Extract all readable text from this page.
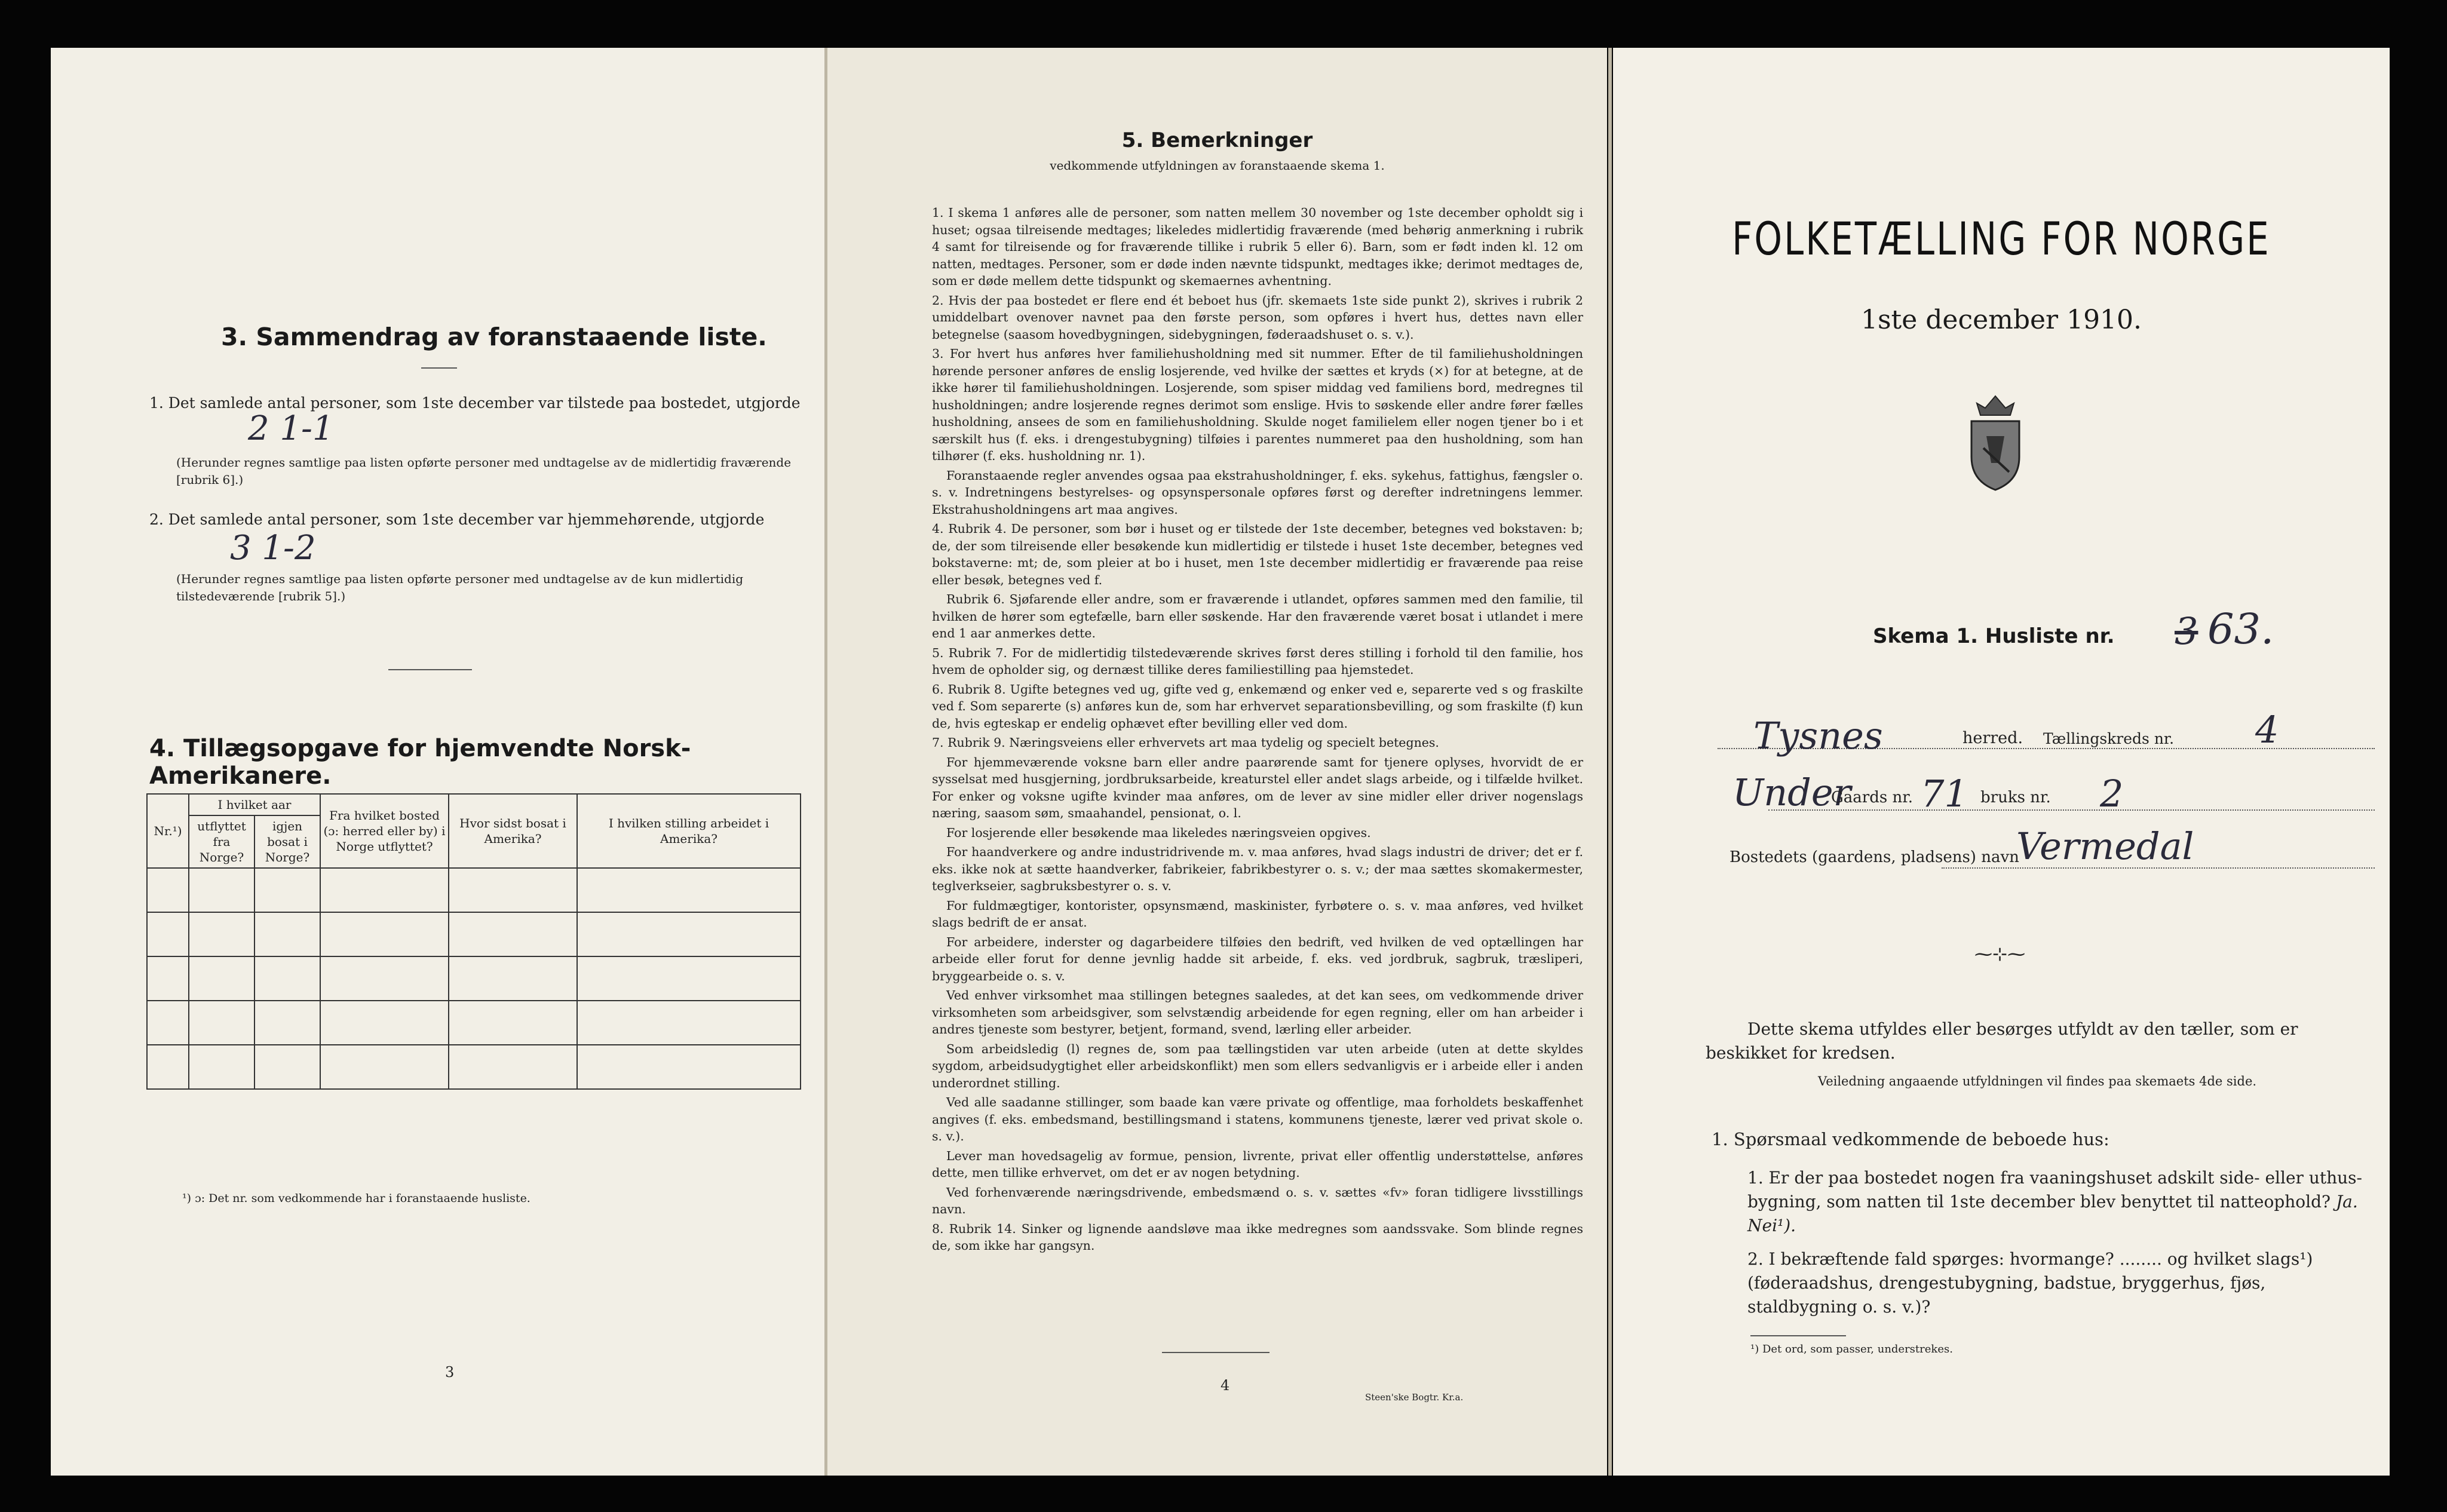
3. Sammendrag av foranstaaende liste.
1. Det samlede antal personer, som 1ste december var tilstede paa bostedet, utgjorde
2 1-1
(Herunder regnes samtlige paa listen opførte personer med undtagelse av de midlertidig fraværende [rubrik 6].)
2. Det samlede antal personer, som 1ste december var hjemmehørende, utgjorde
3 1-2
(Herunder regnes samtlige paa listen opførte personer med undtagelse av de kun midlertidig tilstedeværende [rubrik 5].)
4. Tillægsopgave for hjemvendte Norsk-Amerikanere.
Nr.¹)	I hvilket aar		Fra hvilket bosted (ɔ: herred eller by) i Norge utflyttet?	Hvor sidst bosat i Amerika?	I hvilken stilling arbeidet i Amerika?
	utflyttet fra Norge?	igjen bosat i Norge?			

¹) ɔ: Det nr. som vedkommende har i foranstaaende husliste.
3
5. Bemerkninger
vedkommende utfyldningen av foranstaaende skema 1.

1. I skema 1 anføres alle de personer, som natten mellem 30 november og 1ste december opholdt sig i huset; ogsaa tilreisende medtages; likeledes midlertidig fraværende (med behørig anmerkning i rubrik 4 samt for tilreisende og for fraværende tillike i rubrik 5 eller 6). Barn, som er født inden kl. 12 om natten, medtages. Personer, som er døde inden nævnte tidspunkt, medtages ikke; derimot medtages de, som er døde mellem dette tidspunkt og skemaernes avhentning.

2. Hvis der paa bostedet er flere end ét beboet hus (jfr. skemaets 1ste side punkt 2), skrives i rubrik 2 umiddelbart ovenover navnet paa den første person, som opføres i hvert hus, dettes navn eller betegnelse (saasom hovedbygningen, sidebygningen, føderaadshuset o. s. v.).

3. For hvert hus anføres hver familiehusholdning med sit nummer. Efter de til familiehusholdningen hørende personer anføres de enslig losjerende, ved hvilke der sættes et kryds (×) for at betegne, at de ikke hører til familiehusholdningen. Losjerende, som spiser middag ved familiens bord, medregnes til husholdningen; andre losjerende regnes derimot som enslige. Hvis to søskende eller andre fører fælles husholdning, ansees de som en familiehusholdning. Skulde noget familielem eller nogen tjener bo i et særskilt hus (f. eks. i drengestubygning) tilføies i parentes nummeret paa den husholdning, som han tilhører (f. eks. husholdning nr. 1).

Foranstaaende regler anvendes ogsaa paa ekstrahusholdninger, f. eks. sykehus, fattighus, fængsler o. s. v. Indretningens bestyrelses- og opsynspersonale opføres først og derefter indretningens lemmer. Ekstrahusholdningens art maa angives.

4. Rubrik 4. De personer, som bør i huset og er tilstede der 1ste december, betegnes ved bokstaven: b; de, der som tilreisende eller besøkende kun midlertidig er tilstede i huset 1ste december, betegnes ved bokstaverne: mt; de, som pleier at bo i huset, men 1ste december midlertidig er fraværende paa reise eller besøk, betegnes ved f.

Rubrik 6. Sjøfarende eller andre, som er fraværende i utlandet, opføres sammen med den familie, til hvilken de hører som egtefælle, barn eller søskende. Har den fraværende været bosat i utlandet i mere end 1 aar anmerkes dette.

5. Rubrik 7. For de midlertidig tilstedeværende skrives først deres stilling i forhold til den familie, hos hvem de opholder sig, og dernæst tillike deres familiestilling paa hjemstedet.

6. Rubrik 8. Ugifte betegnes ved ug, gifte ved g, enkemænd og enker ved e, separerte ved s og fraskilte ved f. Som separerte (s) anføres kun de, som har erhvervet separationsbevilling, og som fraskilte (f) kun de, hvis egteskap er endelig ophævet efter bevilling eller ved dom.

7. Rubrik 9. Næringsveiens eller erhvervets art maa tydelig og specielt betegnes.

For hjemmeværende voksne barn eller andre paarørende samt for tjenere oplyses, hvorvidt de er sysselsat med husgjerning, jordbruksarbeide, kreaturstel eller andet slags arbeide, og i tilfælde hvilket. For enker og voksne ugifte kvinder maa anføres, om de lever av sine midler eller driver nogenslags næring, saasom søm, smaahandel, pensionat, o. l.

For losjerende eller besøkende maa likeledes næringsveien opgives.

For haandverkere og andre industridrivende m. v. maa anføres, hvad slags industri de driver; det er f. eks. ikke nok at sætte haandverker, fabrikeier, fabrikbestyrer o. s. v.; der maa sættes skomakermester, teglverkseier, sagbruksbestyrer o. s. v.

For fuldmægtiger, kontorister, opsynsmænd, maskinister, fyrbøtere o. s. v. maa anføres, ved hvilket slags bedrift de er ansat.

For arbeidere, inderster og dagarbeidere tilføies den bedrift, ved hvilken de ved optællingen har arbeide eller forut for denne jevnlig hadde sit arbeide, f. eks. ved jordbruk, sagbruk, træsliperi, bryggearbeide o. s. v.

Ved enhver virksomhet maa stillingen betegnes saaledes, at det kan sees, om vedkommende driver virksomheten som arbeidsgiver, som selvstændig arbeidende for egen regning, eller om han arbeider i andres tjeneste som bestyrer, betjent, formand, svend, lærling eller arbeider.

Som arbeidsledig (l) regnes de, som paa tællingstiden var uten arbeide (uten at dette skyldes sygdom, arbeidsudygtighet eller arbeidskonflikt) men som ellers sedvanligvis er i arbeide eller i anden underordnet stilling.

Ved alle saadanne stillinger, som baade kan være private og offentlige, maa forholdets beskaffenhet angives (f. eks. embedsmand, bestillingsmand i statens, kommunens tjeneste, lærer ved privat skole o. s. v.).

Lever man hovedsagelig av formue, pension, livrente, privat eller offentlig understøttelse, anføres dette, men tillike erhvervet, om det er av nogen betydning.

Ved forhenværende næringsdrivende, embedsmænd o. s. v. sættes «fv» foran tidligere livsstillings navn.

8. Rubrik 14. Sinker og lignende aandsløve maa ikke medregnes som aandssvake. Som blinde regnes de, som ikke har gangsyn.

4
Steen'ske Bogtr. Kr.a.
FOLKETÆLLING FOR NORGE
1ste december 1910.
Skema 1. Husliste nr. 3 63.
Tysnes	herred. Tællingskreds nr. 4
Under
Gaards nr. 71 bruks nr. 2
Bostedets (gaardens, pladsens) navn
Vermedal
⁓⊹⁓
Dette skema utfyldes eller besørges utfyldt av den tæller, som er beskikket for kredsen.
Veiledning angaaende utfyldningen vil findes paa skemaets 4de side.
1. Spørsmaal vedkommende de beboede hus:
1. Er der paa bostedet nogen fra vaaningshuset adskilt side- eller uthus-bygning, som natten til 1ste december blev benyttet til natteophold? Ja. Nei¹).
2. I bekræftende fald spørges: hvormange? ........ og hvilket slags¹) (føderaadshus, drengestubygning, badstue, bryggerhus, fjøs, staldbygning o. s. v.)?
¹) Det ord, som passer, understrekes.
